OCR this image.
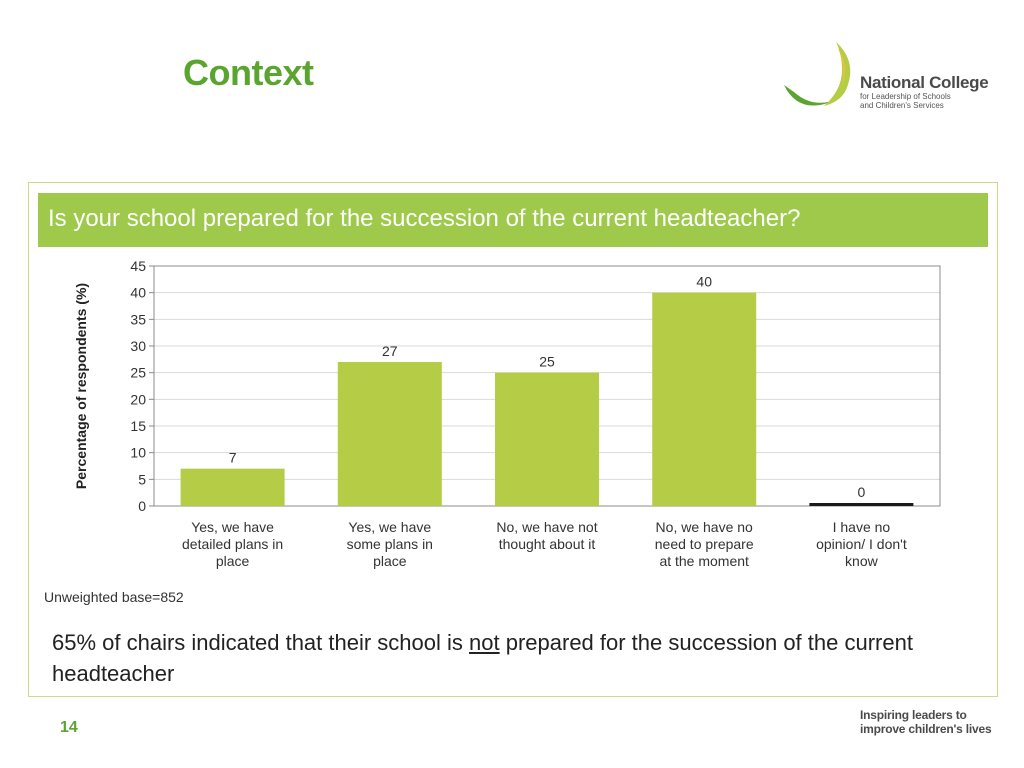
Context	National College
for Leadership of Schools
and Children's Services
Is your school prepared for the succession of the current headteacher?
0
5
10
15
20
25
30
35
40
45
Percentage of respondents (%)	7
Yes, we have
detailed plans in
place
27
Yes, we have
some plans in
place
25
No, we have not
thought about it
40
No, we have no
need to prepare
at the moment
0
I have no
opinion/ I don't
know
Unweighted base=852
65% of chairs indicated that their school is not prepared for the succession of the current headteacher
14
Inspiring leaders to
improve children's lives
